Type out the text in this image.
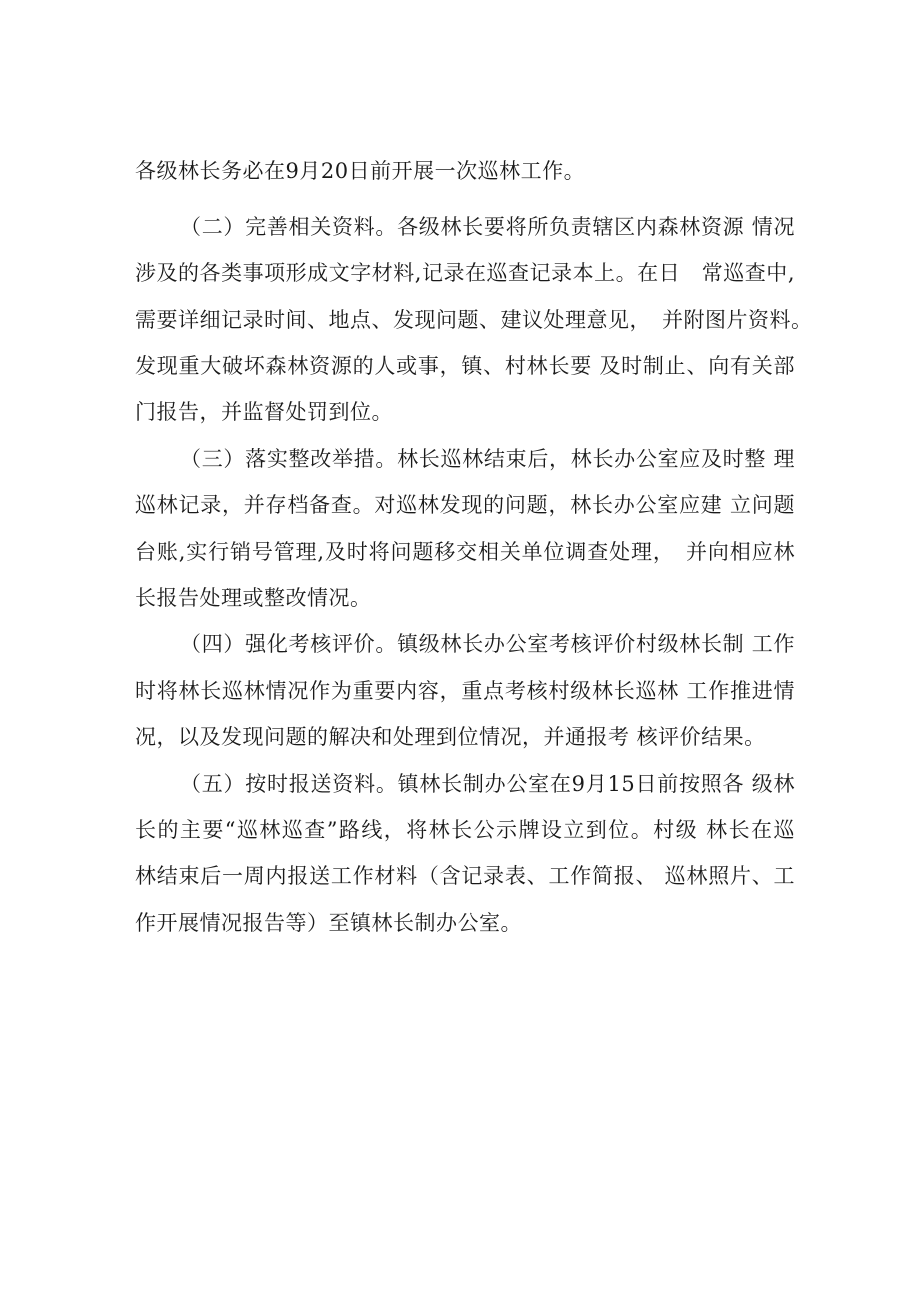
各级林长务必在9月20日前开展一次巡林工作。
（二）完善相关资料。各级林长要将所负责辖区内森林资源 情况
涉及的各类事项形成文字材料,记录在巡查记录本上。在日　常巡查中,
需要详细记录时间、地点、发现问题、建议处理意见，　并附图片资料。
发现重大破坏森林资源的人或事，镇、村林长要 及时制止、向有关部
门报告，并监督处罚到位。
（三）落实整改举措。林长巡林结束后，林长办公室应及时整 理
巡林记录，并存档备查。对巡林发现的问题，林长办公室应建 立问题
台账,实行销号管理,及时将问题移交相关单位调查处理，　并向相应林
长报告处理或整改情况。
（四）强化考核评价。镇级林长办公室考核评价村级林长制 工作
时将林长巡林情况作为重要内容，重点考核村级林长巡林 工作推进情
况，以及发现问题的解决和处理到位情况，并通报考 核评价结果。
（五）按时报送资料。镇林长制办公室在9月15日前按照各 级林
长的主要“巡林巡查”路线，将林长公示牌设立到位。村级 林长在巡
林结束后一周内报送工作材料（含记录表、工作简报、 巡林照片、工
作开展情况报告等）至镇林长制办公室。
